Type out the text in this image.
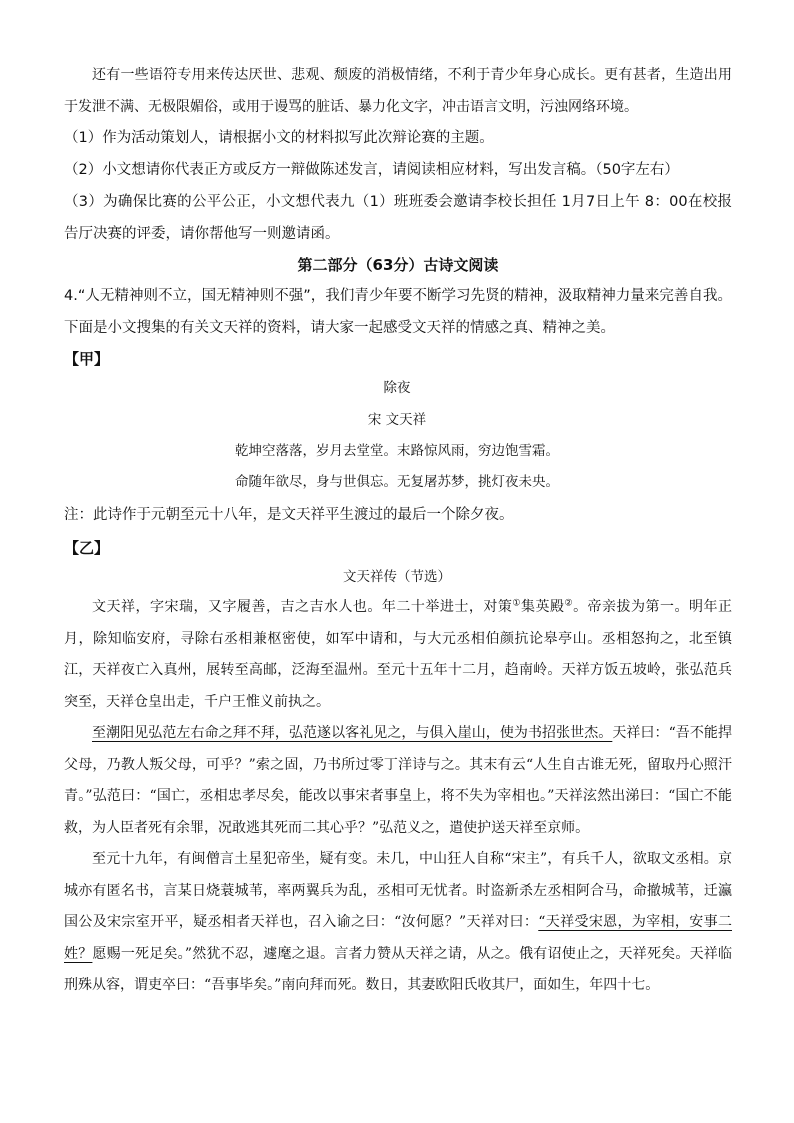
还有一些语符专用来传达厌世、悲观、颓废的消极情绪，不利于青少年身心成长。更有甚者，生造出用于发泄不满、无极限媚俗，或用于谩骂的脏话、暴力化文字，冲击语言文明，污浊网络环境。

（1）作为活动策划人，请根据小文的材料拟写此次辩论赛的主题。

（2）小文想请你代表正方或反方一辩做陈述发言，请阅读相应材料，写出发言稿。（50字左右）

（3）为确保比赛的公平公正，小文想代表九（1）班班委会邀请李校长担任 1月7日上午 8：00在校报告厅决赛的评委，请你帮他写一则邀请函。

第二部分（63分）古诗文阅读

4.“人无精神则不立，国无精神则不强”，我们青少年要不断学习先贤的精神，汲取精神力量来完善自我。下面是小文搜集的有关文天祥的资料，请大家一起感受文天祥的情感之真、精神之美。

【甲】
除夜
宋 文天祥
乾坤空落落，岁月去堂堂。末路惊风雨，穷边饱雪霜。
命随年欲尽，身与世俱忘。无复屠苏梦，挑灯夜未央。

注：此诗作于元朝至元十八年，是文天祥平生渡过的最后一个除夕夜。

【乙】
文天祥传（节选）

文天祥，字宋瑞，又字履善，吉之吉水人也。年二十举进士，对策①集英殿②。帝亲拔为第一。明年正月，除知临安府，寻除右丞相兼枢密使，如军中请和，与大元丞相伯颜抗论皋亭山。丞相怒拘之，北至镇江，天祥夜亡入真州，展转至高邮，泛海至温州。至元十五年十二月，趋南岭。天祥方饭五坡岭，张弘范兵突至，天祥仓皇出走，千户王惟义前执之。

至潮阳见弘范左右命之拜不拜，弘范遂以客礼见之，与俱入崖山，使为书招张世杰。天祥曰：“吾不能捍父母，乃教人叛父母，可乎？”索之固，乃书所过零丁洋诗与之。其末有云“人生自古谁无死，留取丹心照汗青。”弘范曰：“国亡，丞相忠孝尽矣，能改以事宋者事皇上，将不失为宰相也。”天祥泫然出涕曰：“国亡不能救，为人臣者死有余罪，况敢逃其死而二其心乎？”弘范义之，遣使护送天祥至京师。

至元十九年，有闽僧言土星犯帝坐，疑有变。未几，中山狂人自称“宋主”，有兵千人，欲取文丞相。京城亦有匿名书，言某日烧蓑城苇，率两翼兵为乱，丞相可无忧者。时盗新杀左丞相阿合马，命撤城苇，迁瀛国公及宋宗室开平，疑丞相者天祥也，召入谕之曰：“汝何愿？”天祥对曰：“天祥受宋恩，为宰相，安事二姓？愿赐一死足矣。”然犹不忍，遽麾之退。言者力赞从天祥之请，从之。俄有诏使止之，天祥死矣。天祥临刑殊从容，谓吏卒曰：“吾事毕矣。”南向拜而死。数日，其妻欧阳氏收其尸，面如生，年四十七。
